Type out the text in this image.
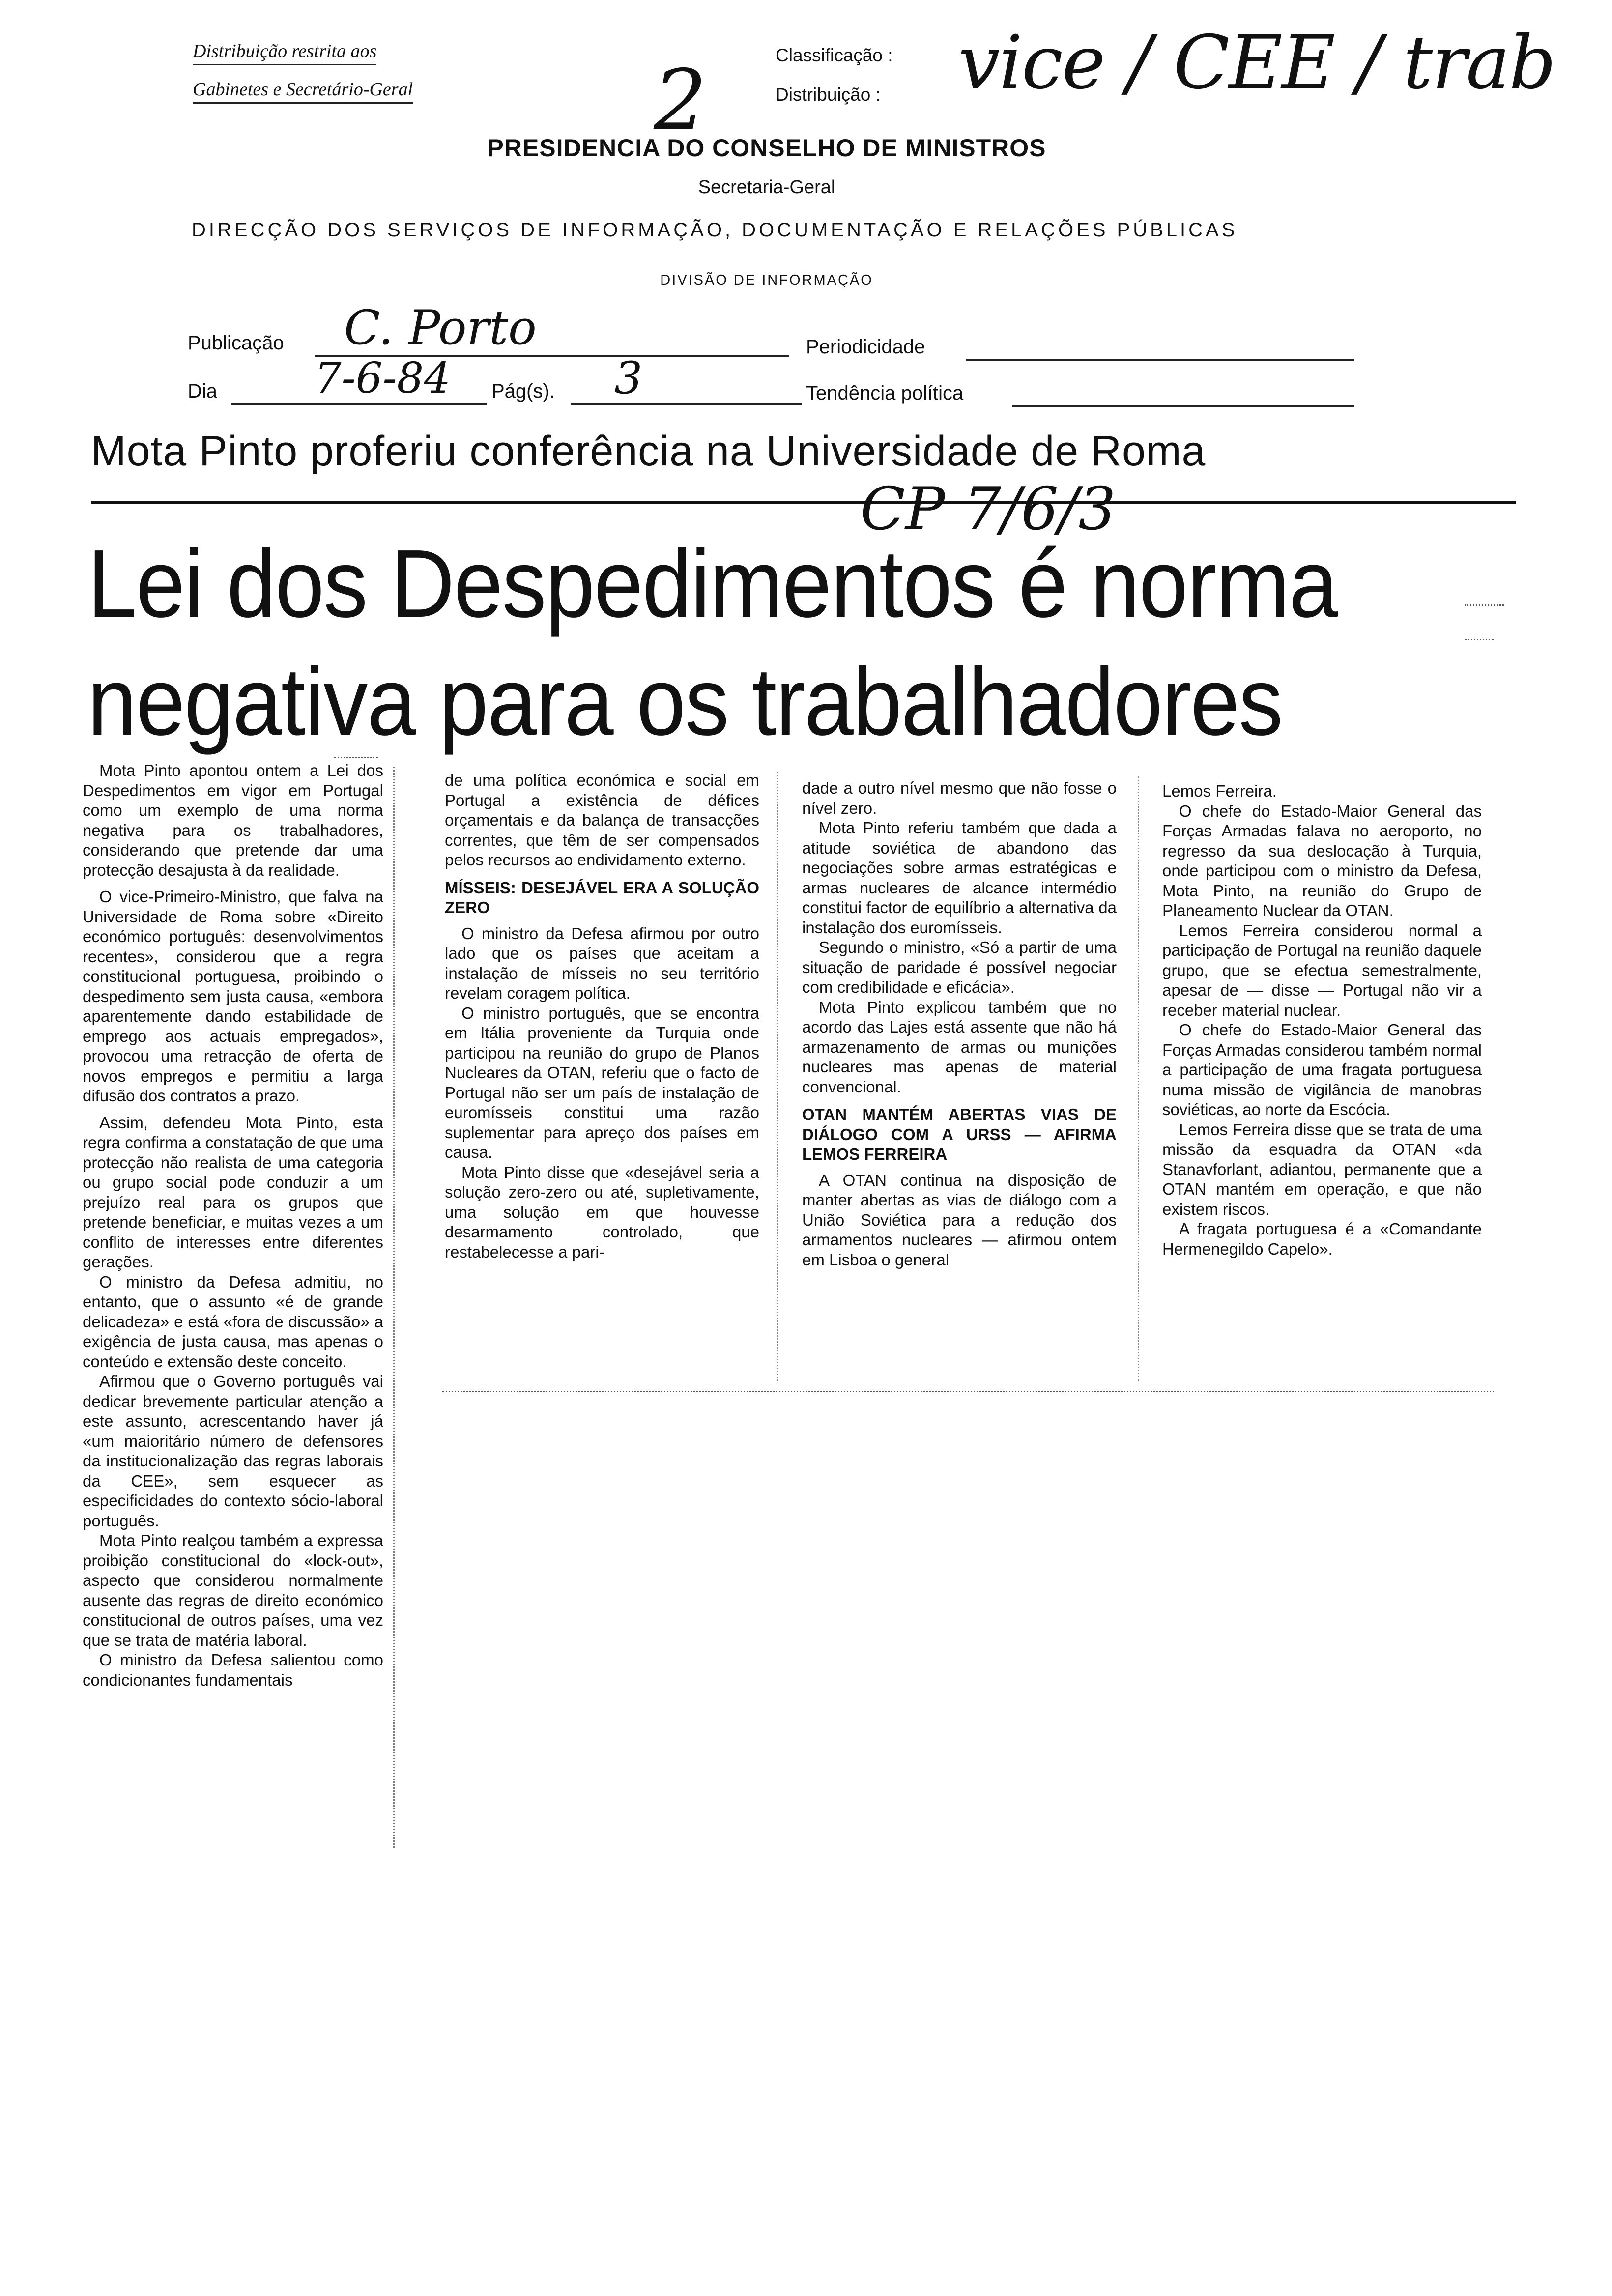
Distribuição restrita aos
Gabinetes e Secretário-Geral
Classificação :
Distribuição : vice / CEE / trab
2
PRESIDENCIA DO CONSELHO DE MINISTROS
Secretaria-Geral
DIRECÇÃO DOS SERVIÇOS DE INFORMAÇÃO, DOCUMENTAÇÃO E RELAÇÕES PÚBLICAS
DIVISÃO DE INFORMAÇÃO
Publicação C. Porto	Periodicidade
Dia 7-6-84 Pág(s). 3	Tendência política
Mota Pinto proferiu conferência na Universidade de Roma
CP 7/6/3
Lei dos Despedimentos é norma
negativa para os trabalhadores

Mota Pinto apontou ontem a Lei dos Despedimentos em vigor em Portugal como um exemplo de uma norma negativa para os trabalhadores, considerando que pretende dar uma protecção desajusta à da realidade.

O vice-Primeiro-Ministro, que falva na Universidade de Roma sobre «Direito económico português: desenvolvimentos recentes», considerou que a regra constitucional portuguesa, proibindo o despedimento sem justa causa, «embora aparentemente dando estabilidade de emprego aos actuais empregados», provocou uma retracção de oferta de novos empregos e permitiu a larga difusão dos contratos a prazo.

Assim, defendeu Mota Pinto, esta regra confirma a constatação de que uma protecção não realista de uma categoria ou grupo social pode conduzir a um prejuízo real para os grupos que pretende beneficiar, e muitas vezes a um conflito de interesses entre diferentes gerações.

O ministro da Defesa admitiu, no entanto, que o assunto «é de grande delicadeza» e está «fora de discussão» a exigência de justa causa, mas apenas o conteúdo e extensão deste conceito.

Afirmou que o Governo português vai dedicar brevemente particular atenção a este assunto, acrescentando haver já «um maioritário número de defensores da institucionalização das regras laborais da CEE», sem esquecer as especificidades do contexto sócio-laboral português.

Mota Pinto realçou também a expressa proibição constitucional do «lock-out», aspecto que considerou normalmente ausente das regras de direito económico constitucional de outros países, uma vez que se trata de matéria laboral.

O ministro da Defesa salientou como condicionantes fundamentais

de uma política económica e social em Portugal a existência de défices orçamentais e da balança de transacções correntes, que têm de ser compensados pelos recursos ao endividamento externo.

MÍSSEIS: DESEJÁVEL ERA A SOLUÇÃO ZERO

O ministro da Defesa afirmou por outro lado que os países que aceitam a instalação de mísseis no seu território revelam coragem política.

O ministro português, que se encontra em Itália proveniente da Turquia onde participou na reunião do grupo de Planos Nucleares da OTAN, referiu que o facto de Portugal não ser um país de instalação de euromísseis constitui uma razão suplementar para apreço dos países em causa.

Mota Pinto disse que «desejável seria a solução zero-zero ou até, supletivamente, uma solução em que houvesse desarmamento controlado, que restabelecesse a pari-

dade a outro nível mesmo que não fosse o nível zero.

Mota Pinto referiu também que dada a atitude soviética de abandono das negociações sobre armas estratégicas e armas nucleares de alcance intermédio constitui factor de equilíbrio a alternativa da instalação dos euromísseis.

Segundo o ministro, «Só a partir de uma situação de paridade é possível negociar com credibilidade e eficácia».

Mota Pinto explicou também que no acordo das Lajes está assente que não há armazenamento de armas ou munições nucleares mas apenas de material convencional.

OTAN MANTÉM ABERTAS VIAS DE DIÁLOGO COM A URSS — AFIRMA LEMOS FERREIRA

A OTAN continua na disposição de manter abertas as vias de diálogo com a União Soviética para a redução dos armamentos nucleares — afirmou ontem em Lisboa o general

Lemos Ferreira.

O chefe do Estado-Maior General das Forças Armadas falava no aeroporto, no regresso da sua deslocação à Turquia, onde participou com o ministro da Defesa, Mota Pinto, na reunião do Grupo de Planeamento Nuclear da OTAN.

Lemos Ferreira considerou normal a participação de Portugal na reunião daquele grupo, que se efectua semestralmente, apesar de — disse — Portugal não vir a receber material nuclear.

O chefe do Estado-Maior General das Forças Armadas considerou também normal a participação de uma fragata portuguesa numa missão de vigilância de manobras soviéticas, ao norte da Escócia.

Lemos Ferreira disse que se trata de uma missão da esquadra da OTAN «da Stanavforlant, adiantou, permanente que a OTAN mantém em operação, e que não existem riscos.

A fragata portuguesa é a «Comandante Hermenegildo Capelo».
